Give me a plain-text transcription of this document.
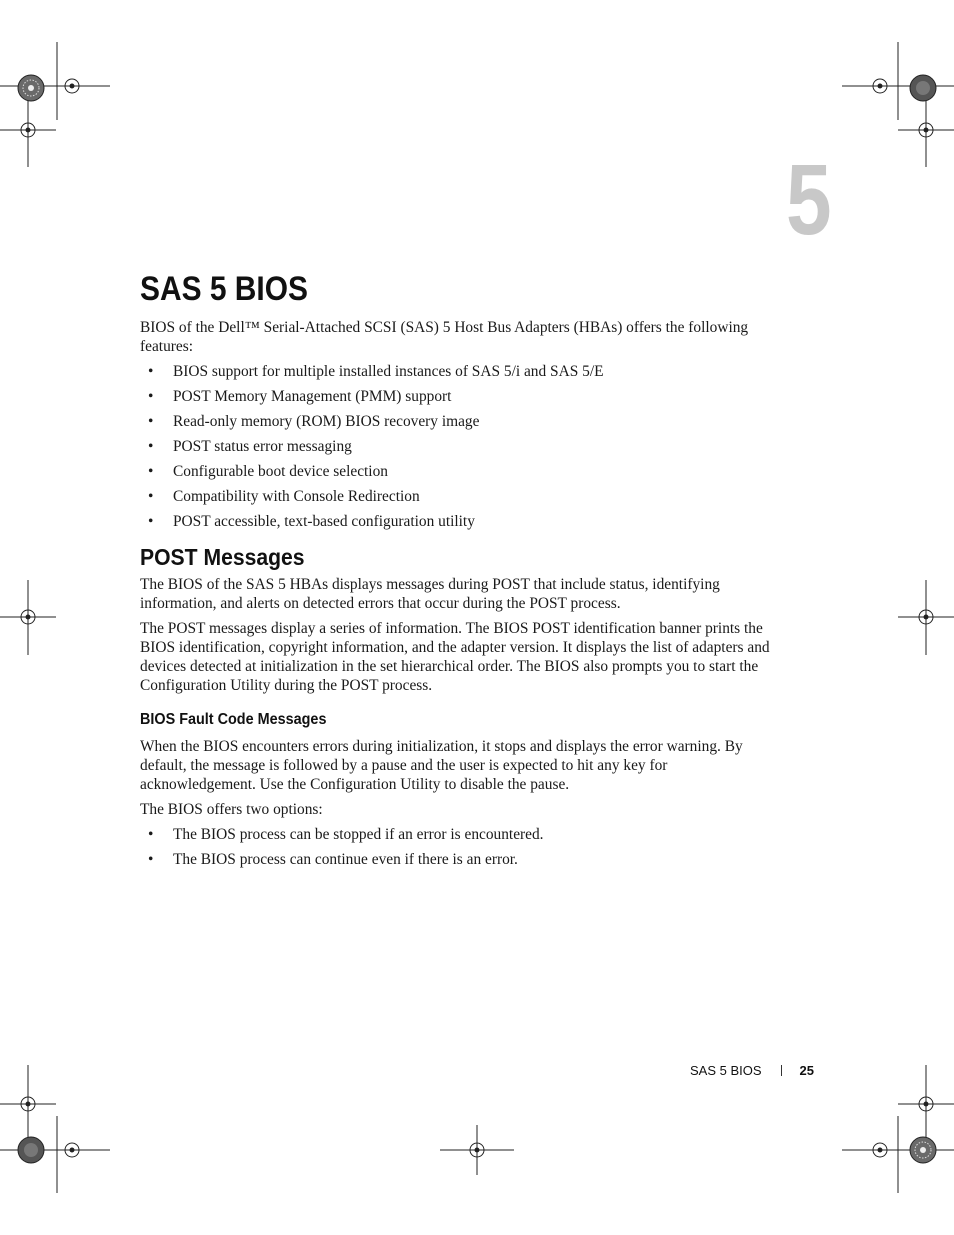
5
SAS 5 BIOS

BIOS of the Dell™ Serial-Attached SCSI (SAS) 5 Host Bus Adapters (HBAs) offers the following features:

• BIOS support for multiple installed instances of SAS 5/i and SAS 5/E
• POST Memory Management (PMM) support
• Read-only memory (ROM) BIOS recovery image
• POST status error messaging
• Configurable boot device selection
• Compatibility with Console Redirection
• POST accessible, text-based configuration utility
POST Messages

The BIOS of the SAS 5 HBAs displays messages during POST that include status, identifying information, and alerts on detected errors that occur during the POST process.

The POST messages display a series of information. The BIOS POST identification banner prints the BIOS identification, copyright information, and the adapter version. It displays the list of adapters and devices detected at initialization in the set hierarchical order. The BIOS also prompts you to start the Configuration Utility during the POST process.

BIOS Fault Code Messages

When the BIOS encounters errors during initialization, it stops and displays the error warning. By default, the message is followed by a pause and the user is expected to hit any key for acknowledgement. Use the Configuration Utility to disable the pause.

The BIOS offers two options:

• The BIOS process can be stopped if an error is encountered.
• The BIOS process can continue even if there is an error.
SAS 5 BIOS	25
